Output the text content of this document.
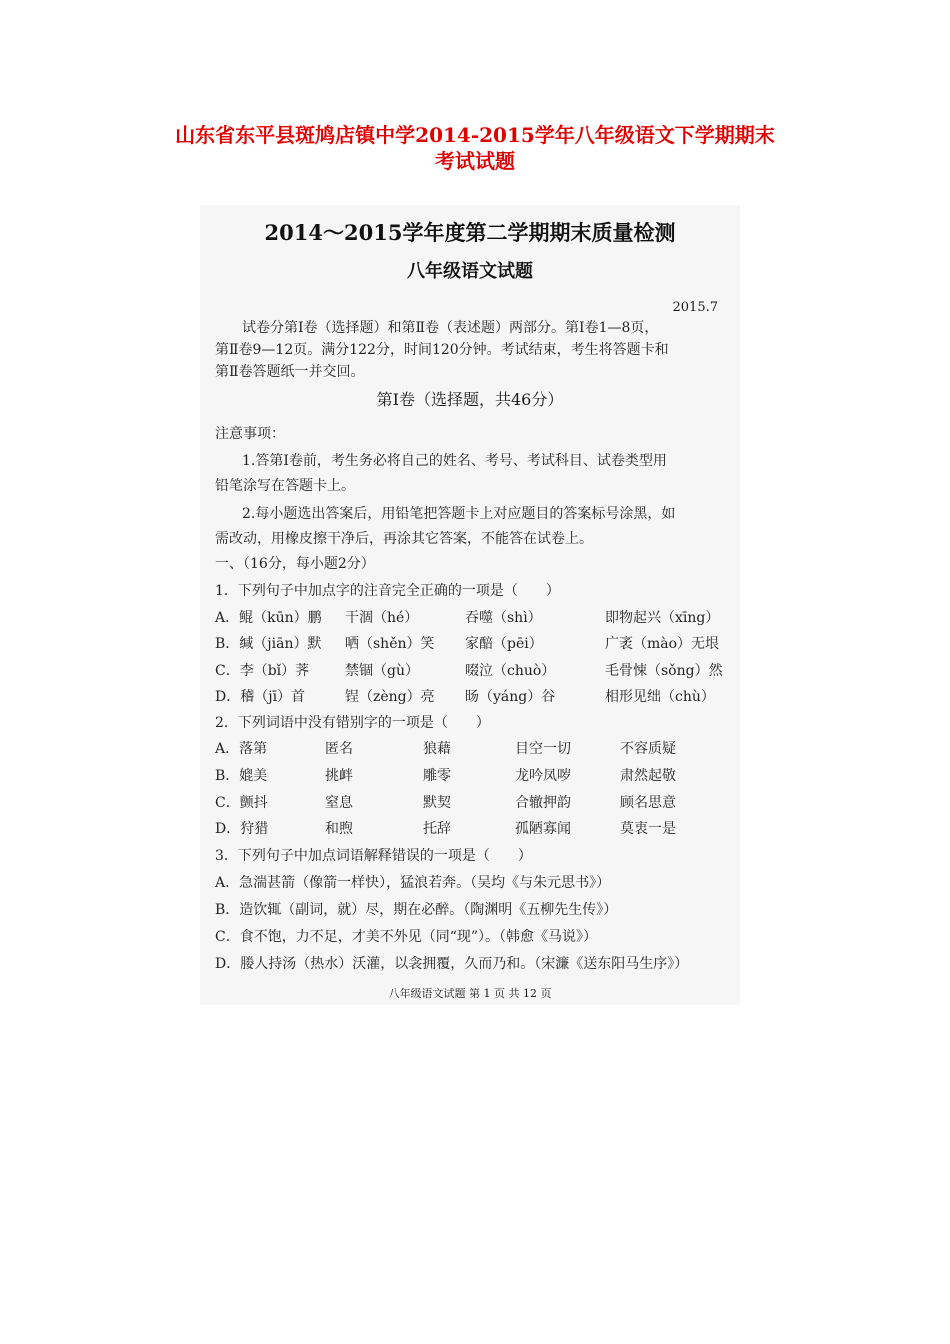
山东省东平县斑鸠店镇中学2014-2015学年八年级语文下学期期末
考试试题
2014～2015学年度第二学期期末质量检测
八年级语文试题
2015.7
试卷分第Ⅰ卷（选择题）和第Ⅱ卷（表述题）两部分。第Ⅰ卷1—8页，
第Ⅱ卷9—12页。满分122分，时间120分钟。考试结束，考生将答题卡和
第Ⅱ卷答题纸一并交回。
第Ⅰ卷（选择题，共46分）
注意事项：
1.答第Ⅰ卷前，考生务必将自己的姓名、考号、考试科目、试卷类型用
铅笔涂写在答题卡上。
2.每小题选出答案后，用铅笔把答题卡上对应题目的答案标号涂黑，如
需改动，用橡皮擦干净后，再涂其它答案，不能答在试卷上。
一、（16分，每小题2分）
1．下列句子中加点字的注音完全正确的一项是（　　）
A．鲲（kūn）鹏 干涸（hé）	吞噬（shì）	即物起兴（xīng）
B．缄（jiān）默 哂（shěn）笑 家醅（pēi）	广袤（mào）无垠
C．李（bǐ）荠	禁锢（gù）	啜泣（chuò）	毛骨悚（sǒng）然
D．稽（jī）首	锃（zèng）亮 旸（yáng）谷	相形见绌（chù）
2．下列词语中没有错别字的一项是（　　）
A．落第	匿名	狼藉	目空一切	不容质疑
B．媲美	挑衅	雕零	龙吟凤哕	肃然起敬
C．颤抖	窒息	默契	合辙押韵	顾名思意
D．狩猎	和煦	托辞	孤陋寡闻	莫衷一是
3．下列句子中加点词语解释错误的一项是（　　）
A．急湍甚箭（像箭一样快），猛浪若奔。（吴均《与朱元思书》）
B．造饮辄（副词，就）尽，期在必醉。（陶渊明《五柳先生传》）
C．食不饱，力不足，才美不外见（同“现”）。（韩愈《马说》）
D．媵人持汤（热水）沃灌，以衾拥覆，久而乃和。（宋濂《送东阳马生序》）
八年级语文试题 第 1 页 共 12 页
